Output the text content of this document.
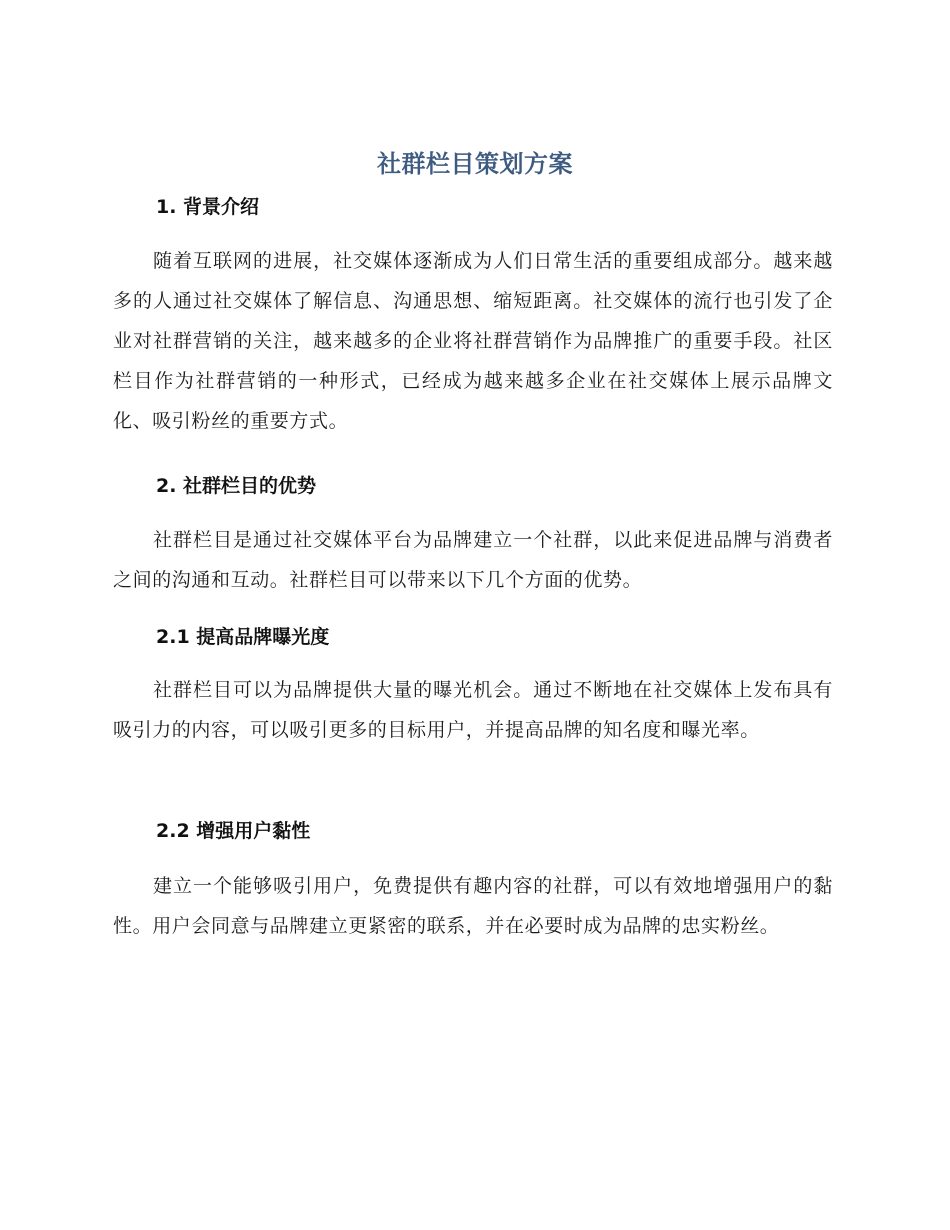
社群栏目策划方案
1. 背景介绍
随着互联网的进展，社交媒体逐渐成为人们日常生活的重要组成部分。越来越多的人通过社交媒体了解信息、沟通思想、缩短距离。社交媒体的流行也引发了企业对社群营销的关注，越来越多的企业将社群营销作为品牌推广的重要手段。社区栏目作为社群营销的一种形式，已经成为越来越多企业在社交媒体上展示品牌文化、吸引粉丝的重要方式。
2. 社群栏目的优势
社群栏目是通过社交媒体平台为品牌建立一个社群，以此来促进品牌与消费者之间的沟通和互动。社群栏目可以带来以下几个方面的优势。
2.1 提高品牌曝光度
社群栏目可以为品牌提供大量的曝光机会。通过不断地在社交媒体上发布具有吸引力的内容，可以吸引更多的目标用户，并提高品牌的知名度和曝光率。
2.2 增强用户黏性
建立一个能够吸引用户，免费提供有趣内容的社群，可以有效地增强用户的黏性。用户会同意与品牌建立更紧密的联系，并在必要时成为品牌的忠实粉丝。
